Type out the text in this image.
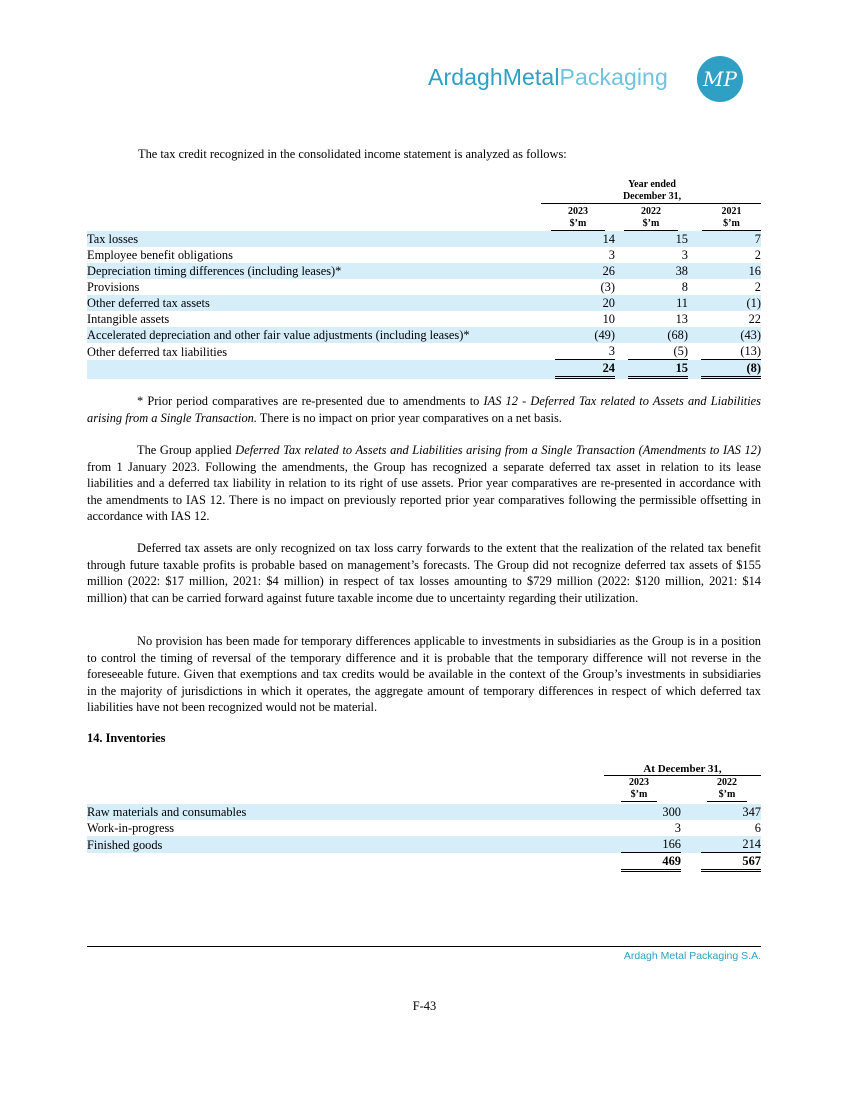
ArdaghMetalPackaging MP
The tax credit recognized in the consolidated income statement is analyzed as follows:
Year ended
December 31,
2023
$’m
2022
$’m
2021
$’m
Tax losses	14	15	7
Employee benefit obligations	3	3	2
Depreciation timing differences (including leases)*	26	38	16
Provisions	(3)	8	2
Other deferred tax assets	20	11	(1)
Intangible assets	10	13	22
Accelerated depreciation and other fair value adjustments (including leases)*	(49)	(68)	(43)
Other deferred tax liabilities	3	(5)	(13)
	24	15	(8)
* Prior period comparatives are re-presented due to amendments to IAS 12 - Deferred Tax related to Assets and Liabilities arising from a Single Transaction. There is no impact on prior year comparatives on a net basis.
The Group applied Deferred Tax related to Assets and Liabilities arising from a Single Transaction (Amendments to IAS 12) from 1 January 2023. Following the amendments, the Group has recognized a separate deferred tax asset in relation to its lease liabilities and a deferred tax liability in relation to its right of use assets. Prior year comparatives are re-presented in accordance with the amendments to IAS 12. There is no impact on previously reported prior year comparatives following the permissible offsetting in accordance with IAS 12.
Deferred tax assets are only recognized on tax loss carry forwards to the extent that the realization of the related tax benefit through future taxable profits is probable based on management’s forecasts. The Group did not recognize deferred tax assets of $155 million (2022: $17 million, 2021: $4 million) in respect of tax losses amounting to $729 million (2022: $120 million, 2021: $14 million) that can be carried forward against future taxable income due to uncertainty regarding their utilization.
No provision has been made for temporary differences applicable to investments in subsidiaries as the Group is in a position to control the timing of reversal of the temporary difference and it is probable that the temporary difference will not reverse in the foreseeable future. Given that exemptions and tax credits would be available in the context of the Group’s investments in subsidiaries in the majority of jurisdictions in which it operates, the aggregate amount of temporary differences in respect of which deferred tax liabilities have not been recognized would not be material.
14. Inventories
At December 31,
2023
$’m
2022
$’m
Raw materials and consumables	300	347
Work-in-progress	3	6
Finished goods	166	214
	469	567
Ardagh Metal Packaging S.A.
F-43
